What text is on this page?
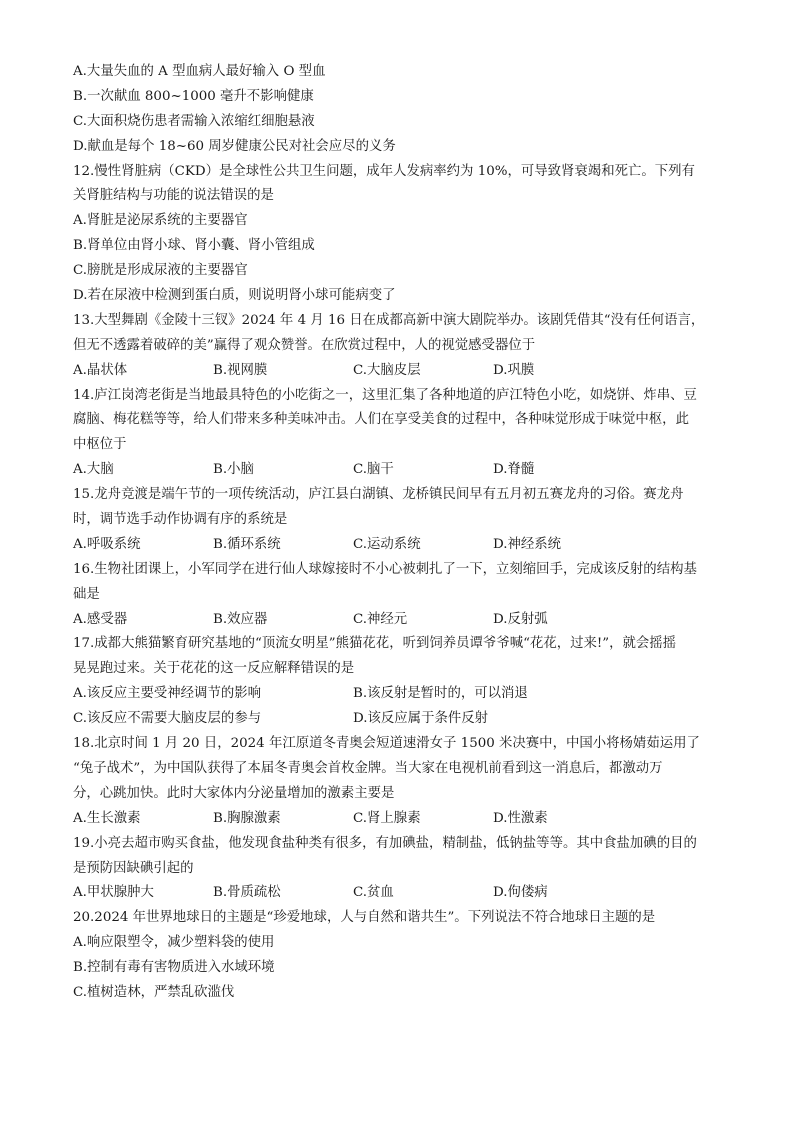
A.大量失血的 A 型血病人最好输入 O 型血
B.一次献血 800~1000 毫升不影响健康
C.大面积烧伤患者需输入浓缩红细胞悬液
D.献血是每个 18~60 周岁健康公民对社会应尽的义务
12.慢性肾脏病（CKD）是全球性公共卫生问题，成年人发病率约为 10%，可导致肾衰竭和死亡。下列有
关肾脏结构与功能的说法错误的是
A.肾脏是泌尿系统的主要器官
B.肾单位由肾小球、肾小囊、肾小管组成
C.膀胱是形成尿液的主要器官
D.若在尿液中检测到蛋白质，则说明肾小球可能病变了
13.大型舞剧《金陵十三钗》2024 年 4 月 16 日在成都高新中演大剧院举办。该剧凭借其“没有任何语言，
但无不透露着破碎的美”赢得了观众赞誉。在欣赏过程中，人的视觉感受器位于
A.晶状体	B.视网膜	C.大脑皮层	D.巩膜
14.庐江岗湾老街是当地最具特色的小吃街之一，这里汇集了各种地道的庐江特色小吃，如烧饼、炸串、豆
腐脑、梅花糕等等，给人们带来多种美味冲击。人们在享受美食的过程中，各种味觉形成于味觉中枢，此
中枢位于
A.大脑	B.小脑	C.脑干	D.脊髓
15.龙舟竞渡是端午节的一项传统活动，庐江县白湖镇、龙桥镇民间早有五月初五赛龙舟的习俗。赛龙舟
时，调节选手动作协调有序的系统是
A.呼吸系统	B.循环系统	C.运动系统	D.神经系统
16.生物社团课上，小军同学在进行仙人球嫁接时不小心被刺扎了一下，立刻缩回手，完成该反射的结构基
础是
A.感受器	B.效应器	C.神经元	D.反射弧
17.成都大熊猫繁育研究基地的“顶流女明星”熊猫花花，听到饲养员谭爷爷喊“花花，过来!”，就会摇摇
晃晃跑过来。关于花花的这一反应解释错误的是
A.该反应主要受神经调节的影响	B.该反射是暂时的，可以消退
C.该反应不需要大脑皮层的参与	D.该反应属于条件反射
18.北京时间 1 月 20 日，2024 年江原道冬青奥会短道速滑女子 1500 米决赛中，中国小将杨婧茹运用了
“兔子战术”，为中国队获得了本届冬青奥会首枚金牌。当大家在电视机前看到这一消息后，都激动万
分，心跳加快。此时大家体内分泌量增加的激素主要是
A.生长激素	B.胸腺激素	C.肾上腺素	D.性激素
19.小亮去超市购买食盐，他发现食盐种类有很多，有加碘盐，精制盐，低钠盐等等。其中食盐加碘的目的
是预防因缺碘引起的
A.甲状腺肿大	B.骨质疏松	C.贫血	D.佝偻病
20.2024 年世界地球日的主题是“珍爱地球，人与自然和谐共生”。下列说法不符合地球日主题的是
A.响应限塑令，减少塑料袋的使用
B.控制有毒有害物质进入水域环境
C.植树造林，严禁乱砍滥伐
